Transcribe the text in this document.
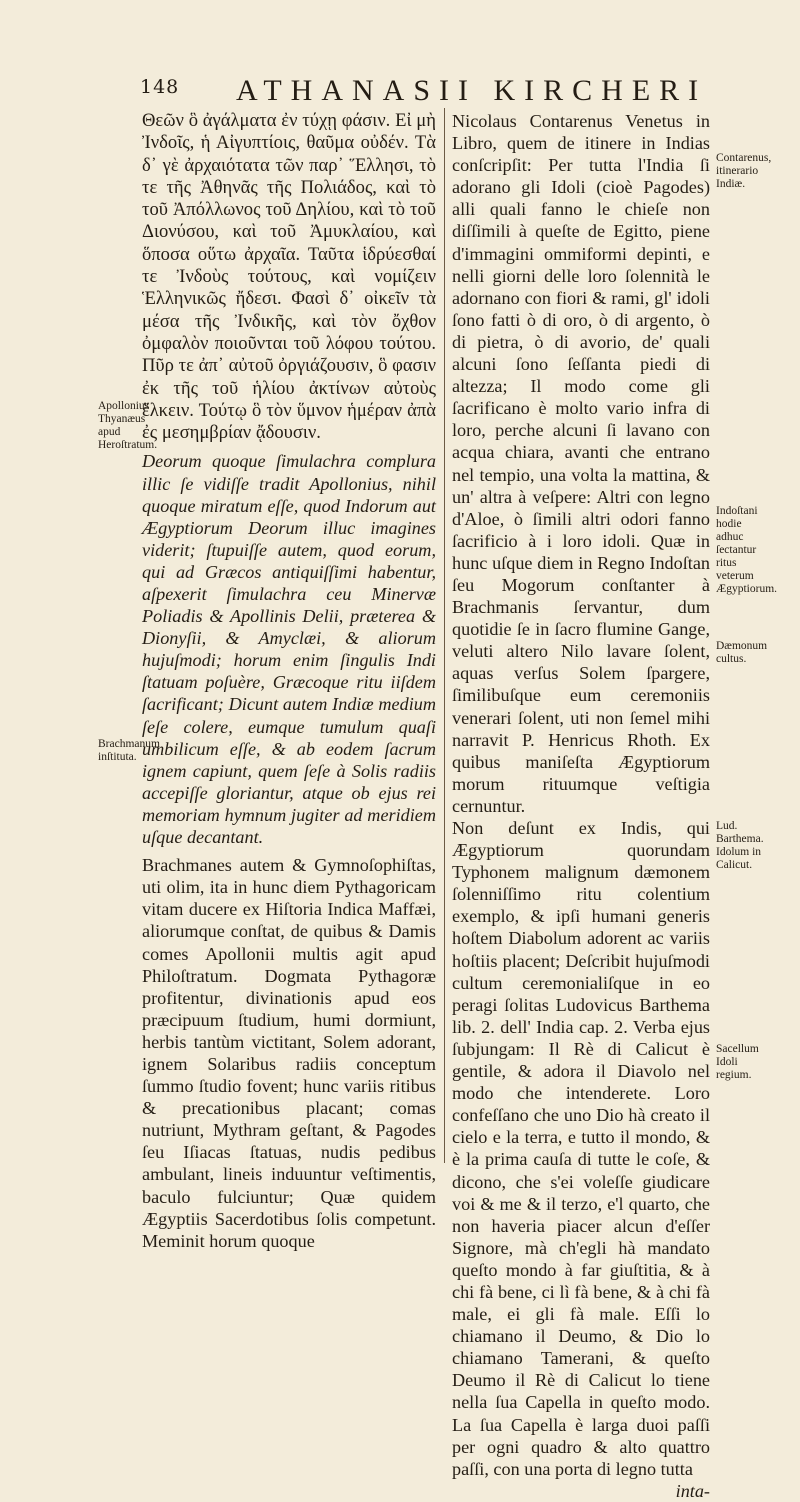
148 ATHANASII KIRCHERI

Θεῶν ὃ ἀγάλματα ἐν τύχῃ φάσιν. Εἰ μὴ Ἰνδοῖς, ἡ Αἰγυπτίοις, θαῦμα οὐδέν. Τὰ δ᾽ γὲ ἀρχαιότατα τῶν παρ᾽ Ἕλλησι, τὸ τε τῆς Ἀθηνᾶς τῆς Πολιάδος, καὶ τὸ τοῦ Ἀπόλλωνος τοῦ Δηλίου, καὶ τὸ τοῦ Διονύσου, καὶ τοῦ Ἀμυκλαίου, καὶ ὅποσα οὕτω ἀρχαῖα. Ταῦτα ἱδρύεσθαί τε Ἰνδοὺς τούτους, καὶ νομίζειν Ἑλληνικῶς ἤδεσι. Φασὶ δ᾽ οἰκεῖν τὰ μέσα τῆς Ἰνδικῆς, καὶ τὸν ὄχθον ὀμφαλὸν ποιοῦνται τοῦ λόφου τούτου. Πῦρ τε ἀπ᾽ αὐτοῦ ὀργιάζουσιν, ὃ φασιν ἐκ τῆς τοῦ ἡλίου ἀκτίνων αὐτοὺς ἕλκειν. Τούτῳ ὃ τὸν ὕμνον ἡμέραν ἀπὰ ἐς μεσημβρίαν ᾄδουσιν.

Deorum quoque ſimulachra complura illic ſe vidiſſe tradit Apollonius, nihil quoque miratum eſſe, quod Indorum aut Ægyptiorum Deorum illuc imagines viderit; ſtupuiſſe autem, quod eorum, qui ad Græcos antiquiſſimi habentur, aſpexerit ſimulachra ceu Minervæ Poliadis & Apollinis Delii, præterea & Dionyſii, & Amyclæi, & aliorum hujuſmodi; horum enim ſingulis Indi ſtatuam poſuère, Græcoque ritu iiſdem ſacrificant; Dicunt autem Indiæ medium ſeſe colere, eumque tumulum quaſi umbilicum eſſe, & ab eodem ſacrum ignem capiunt, quem ſeſe à Solis radiis accepiſſe gloriantur, atque ob ejus rei memoriam hymnum jugiter ad meridiem uſque decantant.

Brachmanes autem & Gymnoſophiſtas, uti olim, ita in hunc diem Pythagoricam vitam ducere ex Hiſtoria Indica Maffæi, aliorumque conſtat, de quibus & Damis comes Apollonii multis agit apud Philoſtratum. Dogmata Pythagoræ profitentur, divinationis apud eos præcipuum ſtudium, humi dormiunt, herbis tantùm victitant, Solem adorant, ignem Solaribus radiis conceptum ſummo ſtudio fovent; hunc variis ritibus & precationibus placant; comas nutriunt, Mythram geſtant, & Pagodes ſeu Iſiacas ſtatuas, nudis pedibus ambulant, lineis induuntur veſtimentis, baculo fulciuntur; Quæ quidem Ægyptiis Sacerdotibus ſolis competunt. Meminit horum quoque

Apollonius Thyanæus apud Heroſtratum.
Brachmanum inſtituta.

Nicolaus Contarenus Venetus in Libro, quem de itinere in Indias conſcripſit: Per tutta l'India ſi adorano gli Idoli (cioè Pagodes) alli quali fanno le chieſe non diſſimili à queſte de Egitto, piene d'immagini ommiformi depinti, e nelli giorni delle loro ſolennità le adornano con fiori & rami, gl' idoli ſono fatti ò di oro, ò di argento, ò di pietra, ò di avorio, de' quali alcuni ſono ſeſſanta piedi di altezza; Il modo come gli ſacrificano è molto vario infra di loro, perche alcuni ſi lavano con acqua chiara, avanti che entrano nel tempio, una volta la mattina, & un' altra à veſpere: Altri con legno d'Aloe, ò ſimili altri odori fanno ſacrificio à i loro idoli. Quæ in hunc uſque diem in Regno Indoſtan ſeu Mogorum conſtanter à Brachmanis ſervantur, dum quotidie ſe in ſacro flumine Gange, veluti altero Nilo lavare ſolent, aquas verſus Solem ſpargere, ſimilibuſque eum ceremoniis venerari ſolent, uti non ſemel mihi narravit P. Henricus Rhoth. Ex quibus maniſeſta Ægyptiorum morum rituumque veſtigia cernuntur.

Non deſunt ex Indis, qui Ægyptiorum quorundam Typhonem malignum dæmonem ſolenniſſimo ritu colentium exemplo, & ipſi humani generis hoſtem Diabolum adorent ac variis hoſtiis placent; Deſcribit hujuſmodi cultum ceremonialiſque in eo peragi ſolitas Ludovicus Barthema lib. 2. dell' India cap. 2. Verba ejus ſubjungam: Il Rè di Calicut è gentile, & adora il Diavolo nel modo che intenderete. Loro confeſſano che uno Dio hà creato il cielo e la terra, e tutto il mondo, & è la prima cauſa di tutte le coſe, & dicono, che s'ei voleſſe giudicare voi & me & il terzo, e'l quarto, che non haveria piacer alcun d'eſſer Signore, mà ch'egli hà mandato queſto mondo à far giuſtitia, & à chi fà bene, ci lì fà bene, & à chi fà male, ei gli fà male. Eſſi lo chiamano il Deumo, & Dio lo chiamano Tamerani, & queſto Deumo il Rè di Calicut lo tiene nella ſua Capella in queſto modo. La ſua Capella è larga duoi paſſi per ogni quadro & alto quattro paſſi, con una porta di legno tutta

inta-

Contarenus, itinerario Indiæ.
Indoſtani hodie adhuc ſectantur ritus veterum Ægyptiorum.
Dæmonum cultus.
Lud. Barthema.
Idolum in Calicut.
Sacellum Idoli regium.
